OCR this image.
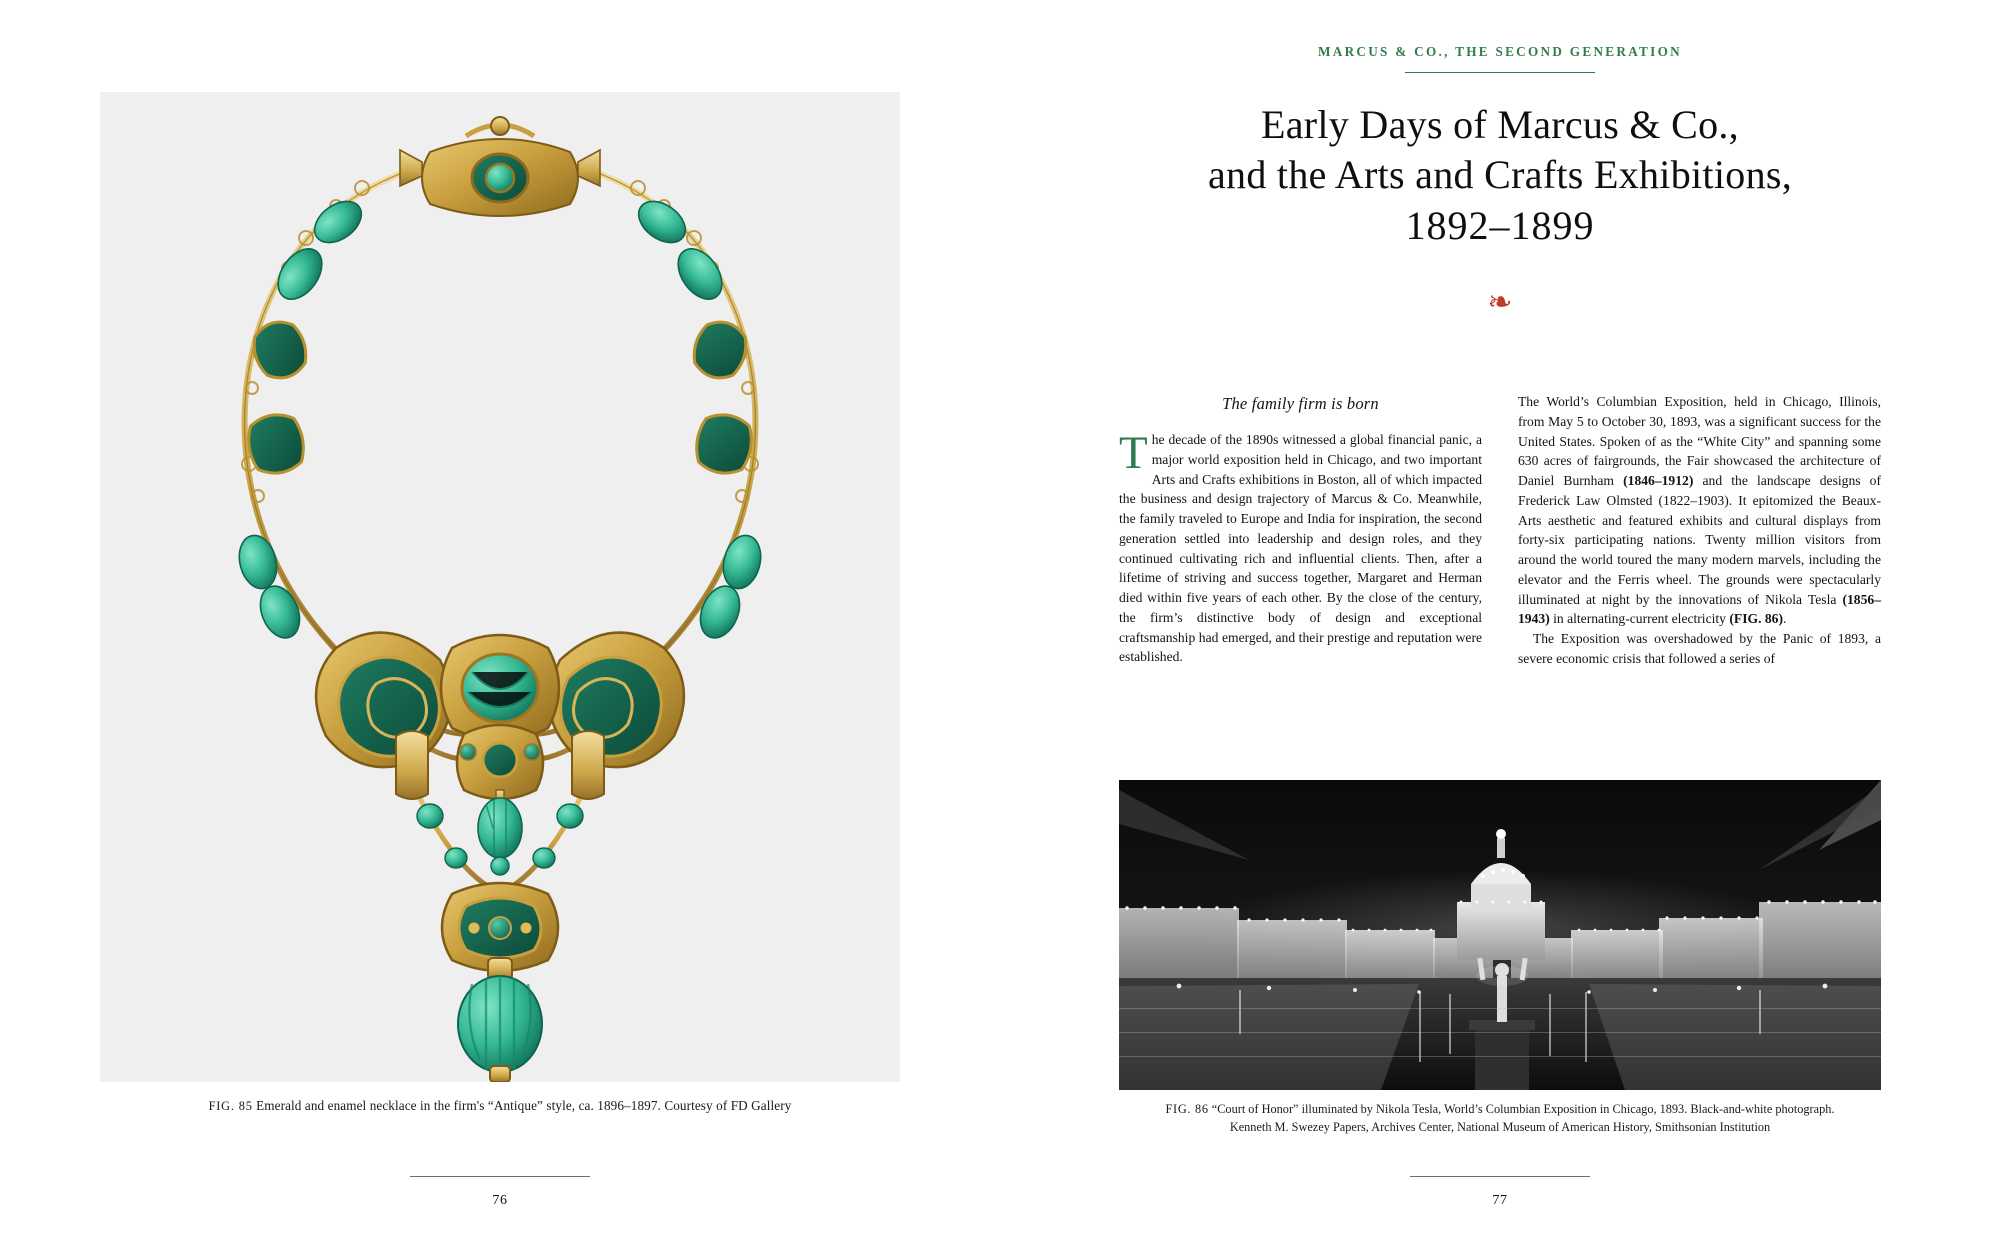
FIG. 85 Emerald and enamel necklace in the firm's “Antique” style, ca. 1896–1897. Courtesy of FD Gallery
76
MARCUS & CO., THE SECOND GENERATION
Early Days of Marcus & Co.,
and the Arts and Crafts Exhibitions,
1892–1899
❧
The family firm is born

The decade of the 1890s witnessed a global financial panic, a major world exposition held in Chicago, and two important Arts and Crafts exhibitions in Boston, all of which impacted the business and design trajectory of Marcus & Co. Meanwhile, the family traveled to Europe and India for inspiration, the second generation settled into leadership and design roles, and they continued cultivating rich and influential clients. Then, after a lifetime of striving and success together, Margaret and Herman died within five years of each other. By the close of the century, the firm’s distinctive body of design and exceptional craftsmanship had emerged, and their prestige and reputation were established.

The World’s Columbian Exposition, held in Chicago, Illinois, from May 5 to October 30, 1893, was a significant success for the United States. Spoken of as the “White City” and spanning some 630 acres of fairgrounds, the Fair showcased the architecture of Daniel Burnham (1846–1912) and the landscape designs of Frederick Law Olmsted (1822–1903). It epitomized the Beaux-Arts aesthetic and featured exhibits and cultural displays from forty-six participating nations. Twenty million visitors from around the world toured the many modern marvels, including the elevator and the Ferris wheel. The grounds were spectacularly illuminated at night by the innovations of Nikola Tesla (1856–1943) in alternating-current electricity (FIG. 86).

The Exposition was overshadowed by the Panic of 1893, a severe economic crisis that followed a series of

FIG. 86 “Court of Honor” illuminated by Nikola Tesla, World’s Columbian Exposition in Chicago, 1893. Black-and-white photograph.
Kenneth M. Swezey Papers, Archives Center, National Museum of American History, Smithsonian Institution
77
